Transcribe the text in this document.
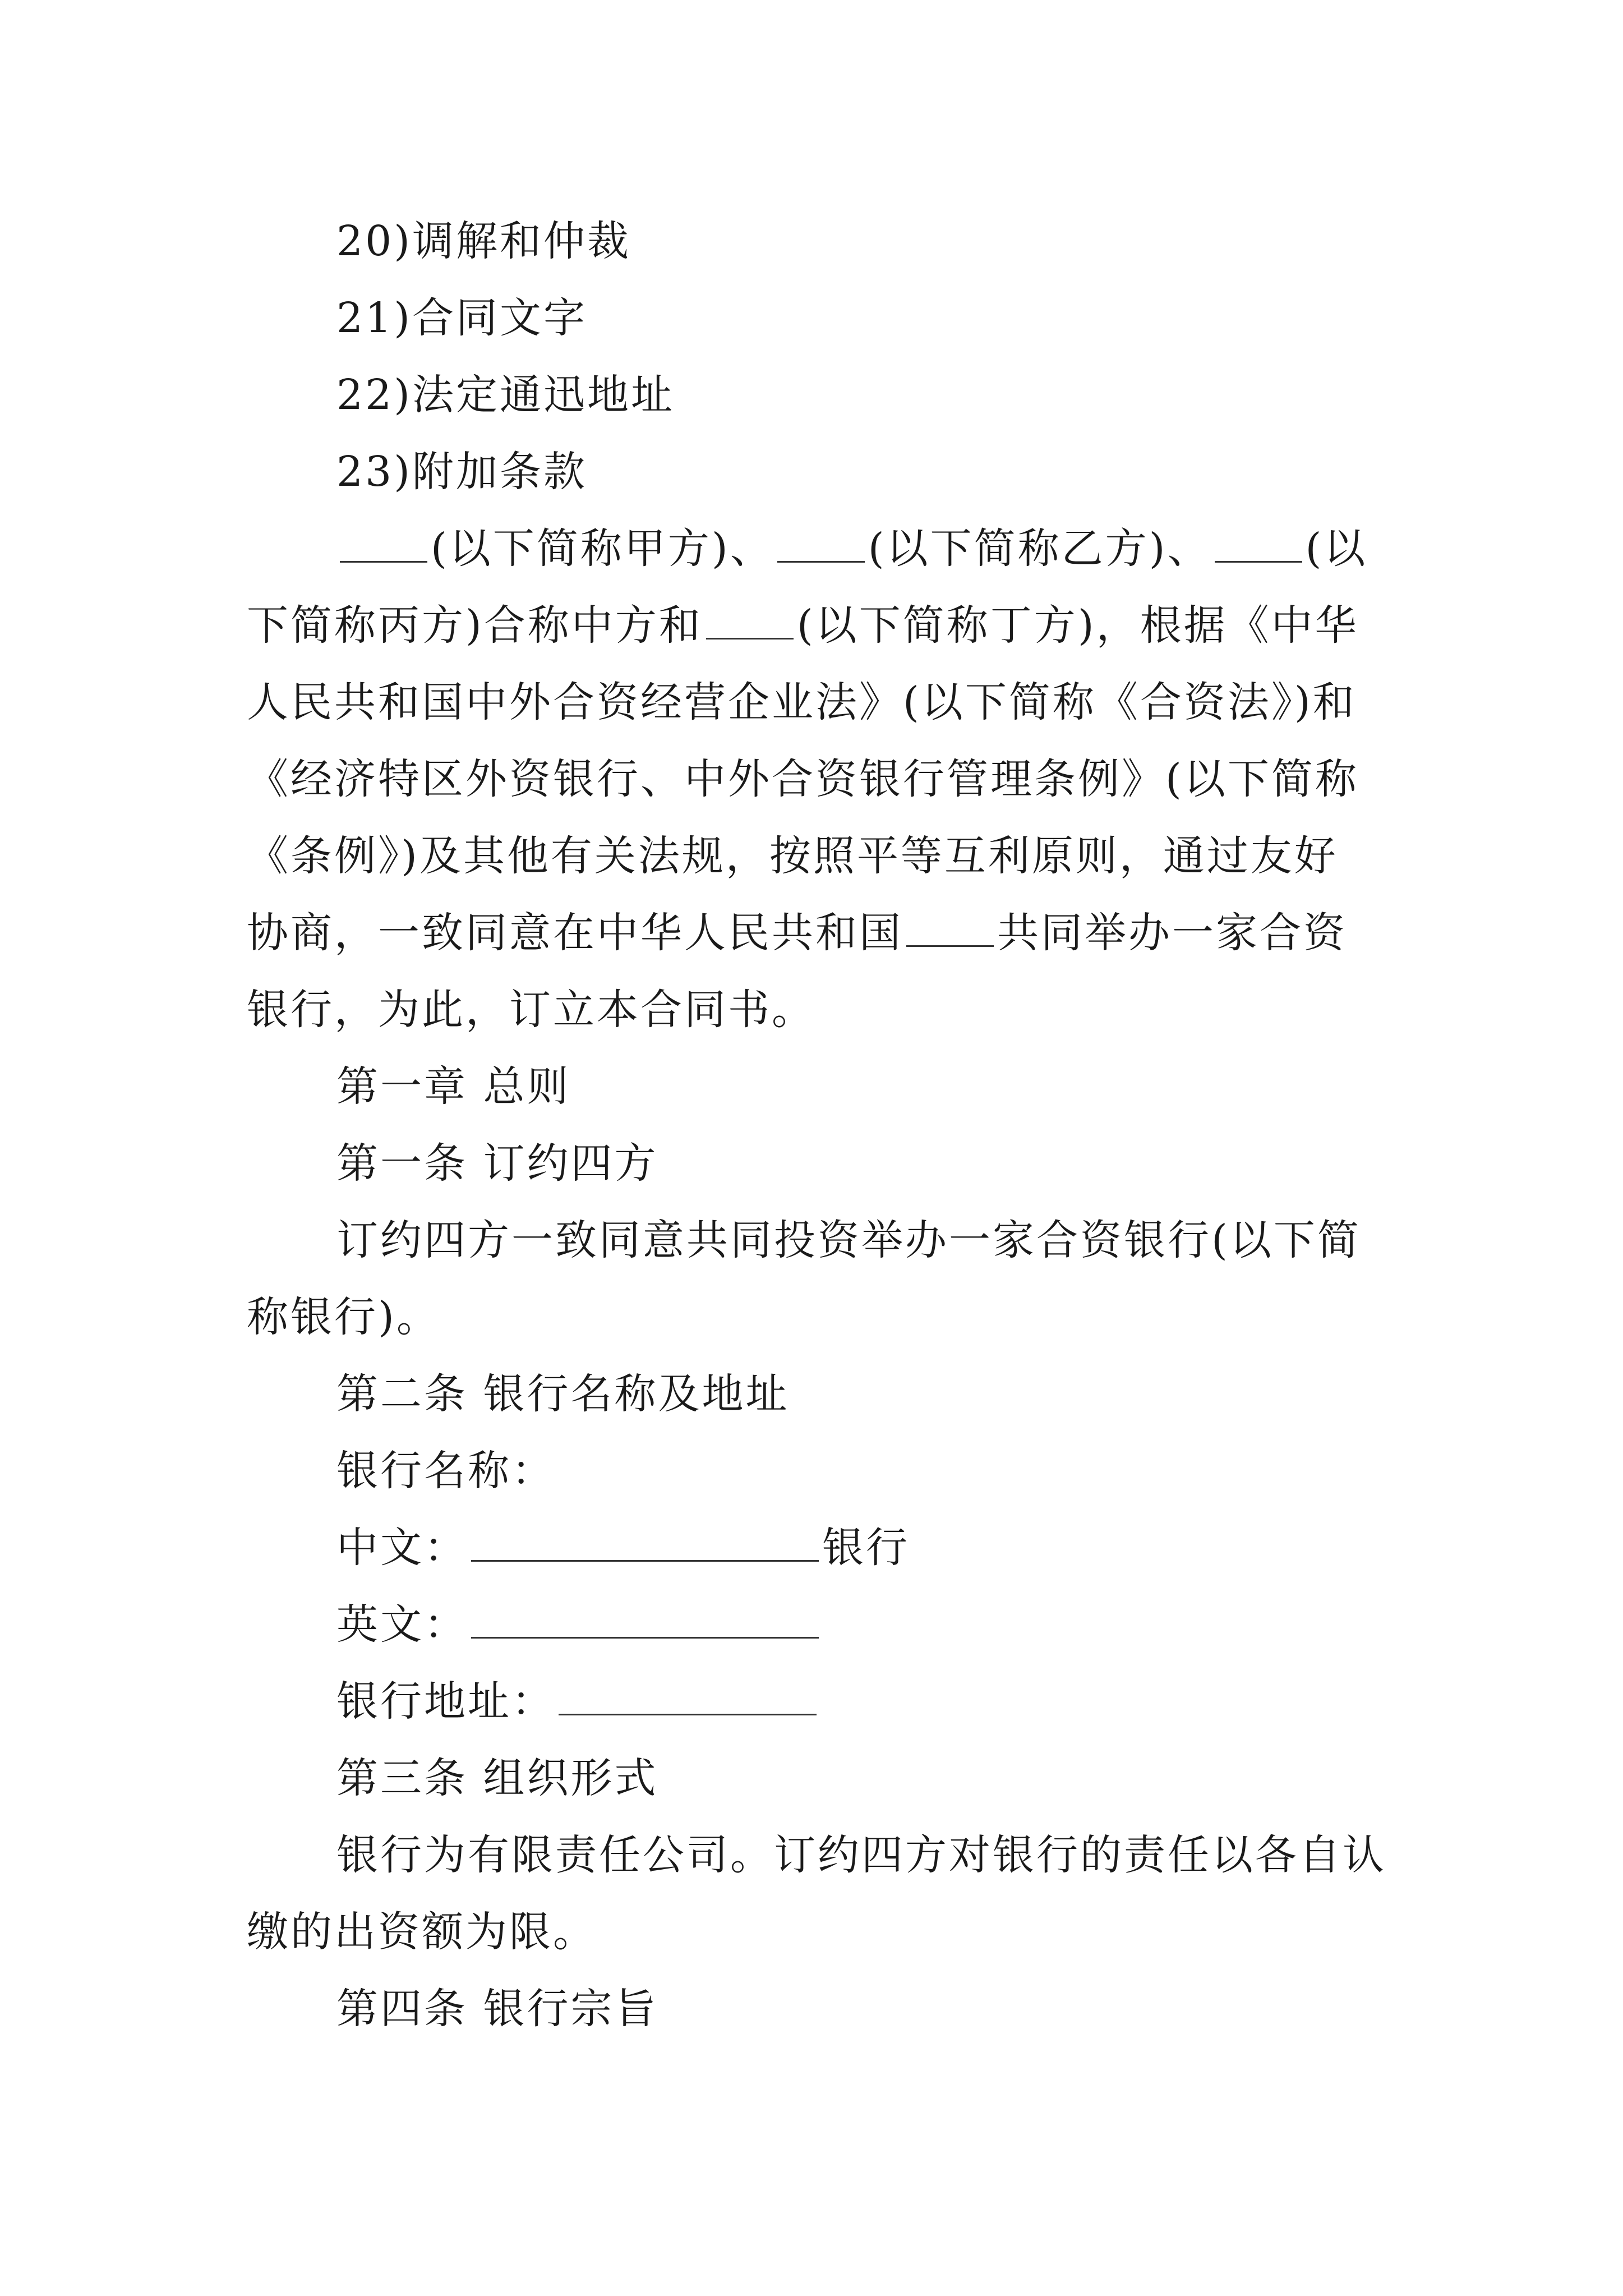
20)调解和仲裁
21)合同文字
22)法定通迅地址
23)附加条款
(以下简称甲方)、 (以下简称乙方)、 (以
下简称丙方)合称中方和 (以下简称丁方)，根据《中华
人民共和国中外合资经营企业法》(以下简称《合资法》)和
《经济特区外资银行、中外合资银行管理条例》(以下简称
《条例》)及其他有关法规，按照平等互利原则，通过友好
协商，一致同意在中华人民共和国 共同举办一家合资
银行，为此，订立本合同书。
第一章 总则
第一条 订约四方
订约四方一致同意共同投资举办一家合资银行(以下简
称银行)。
第二条 银行名称及地址
银行名称：
中文：	银行
英文：
银行地址：
第三条 组织形式
银行为有限责任公司。订约四方对银行的责任以各自认
缴的出资额为限。
第四条 银行宗旨
